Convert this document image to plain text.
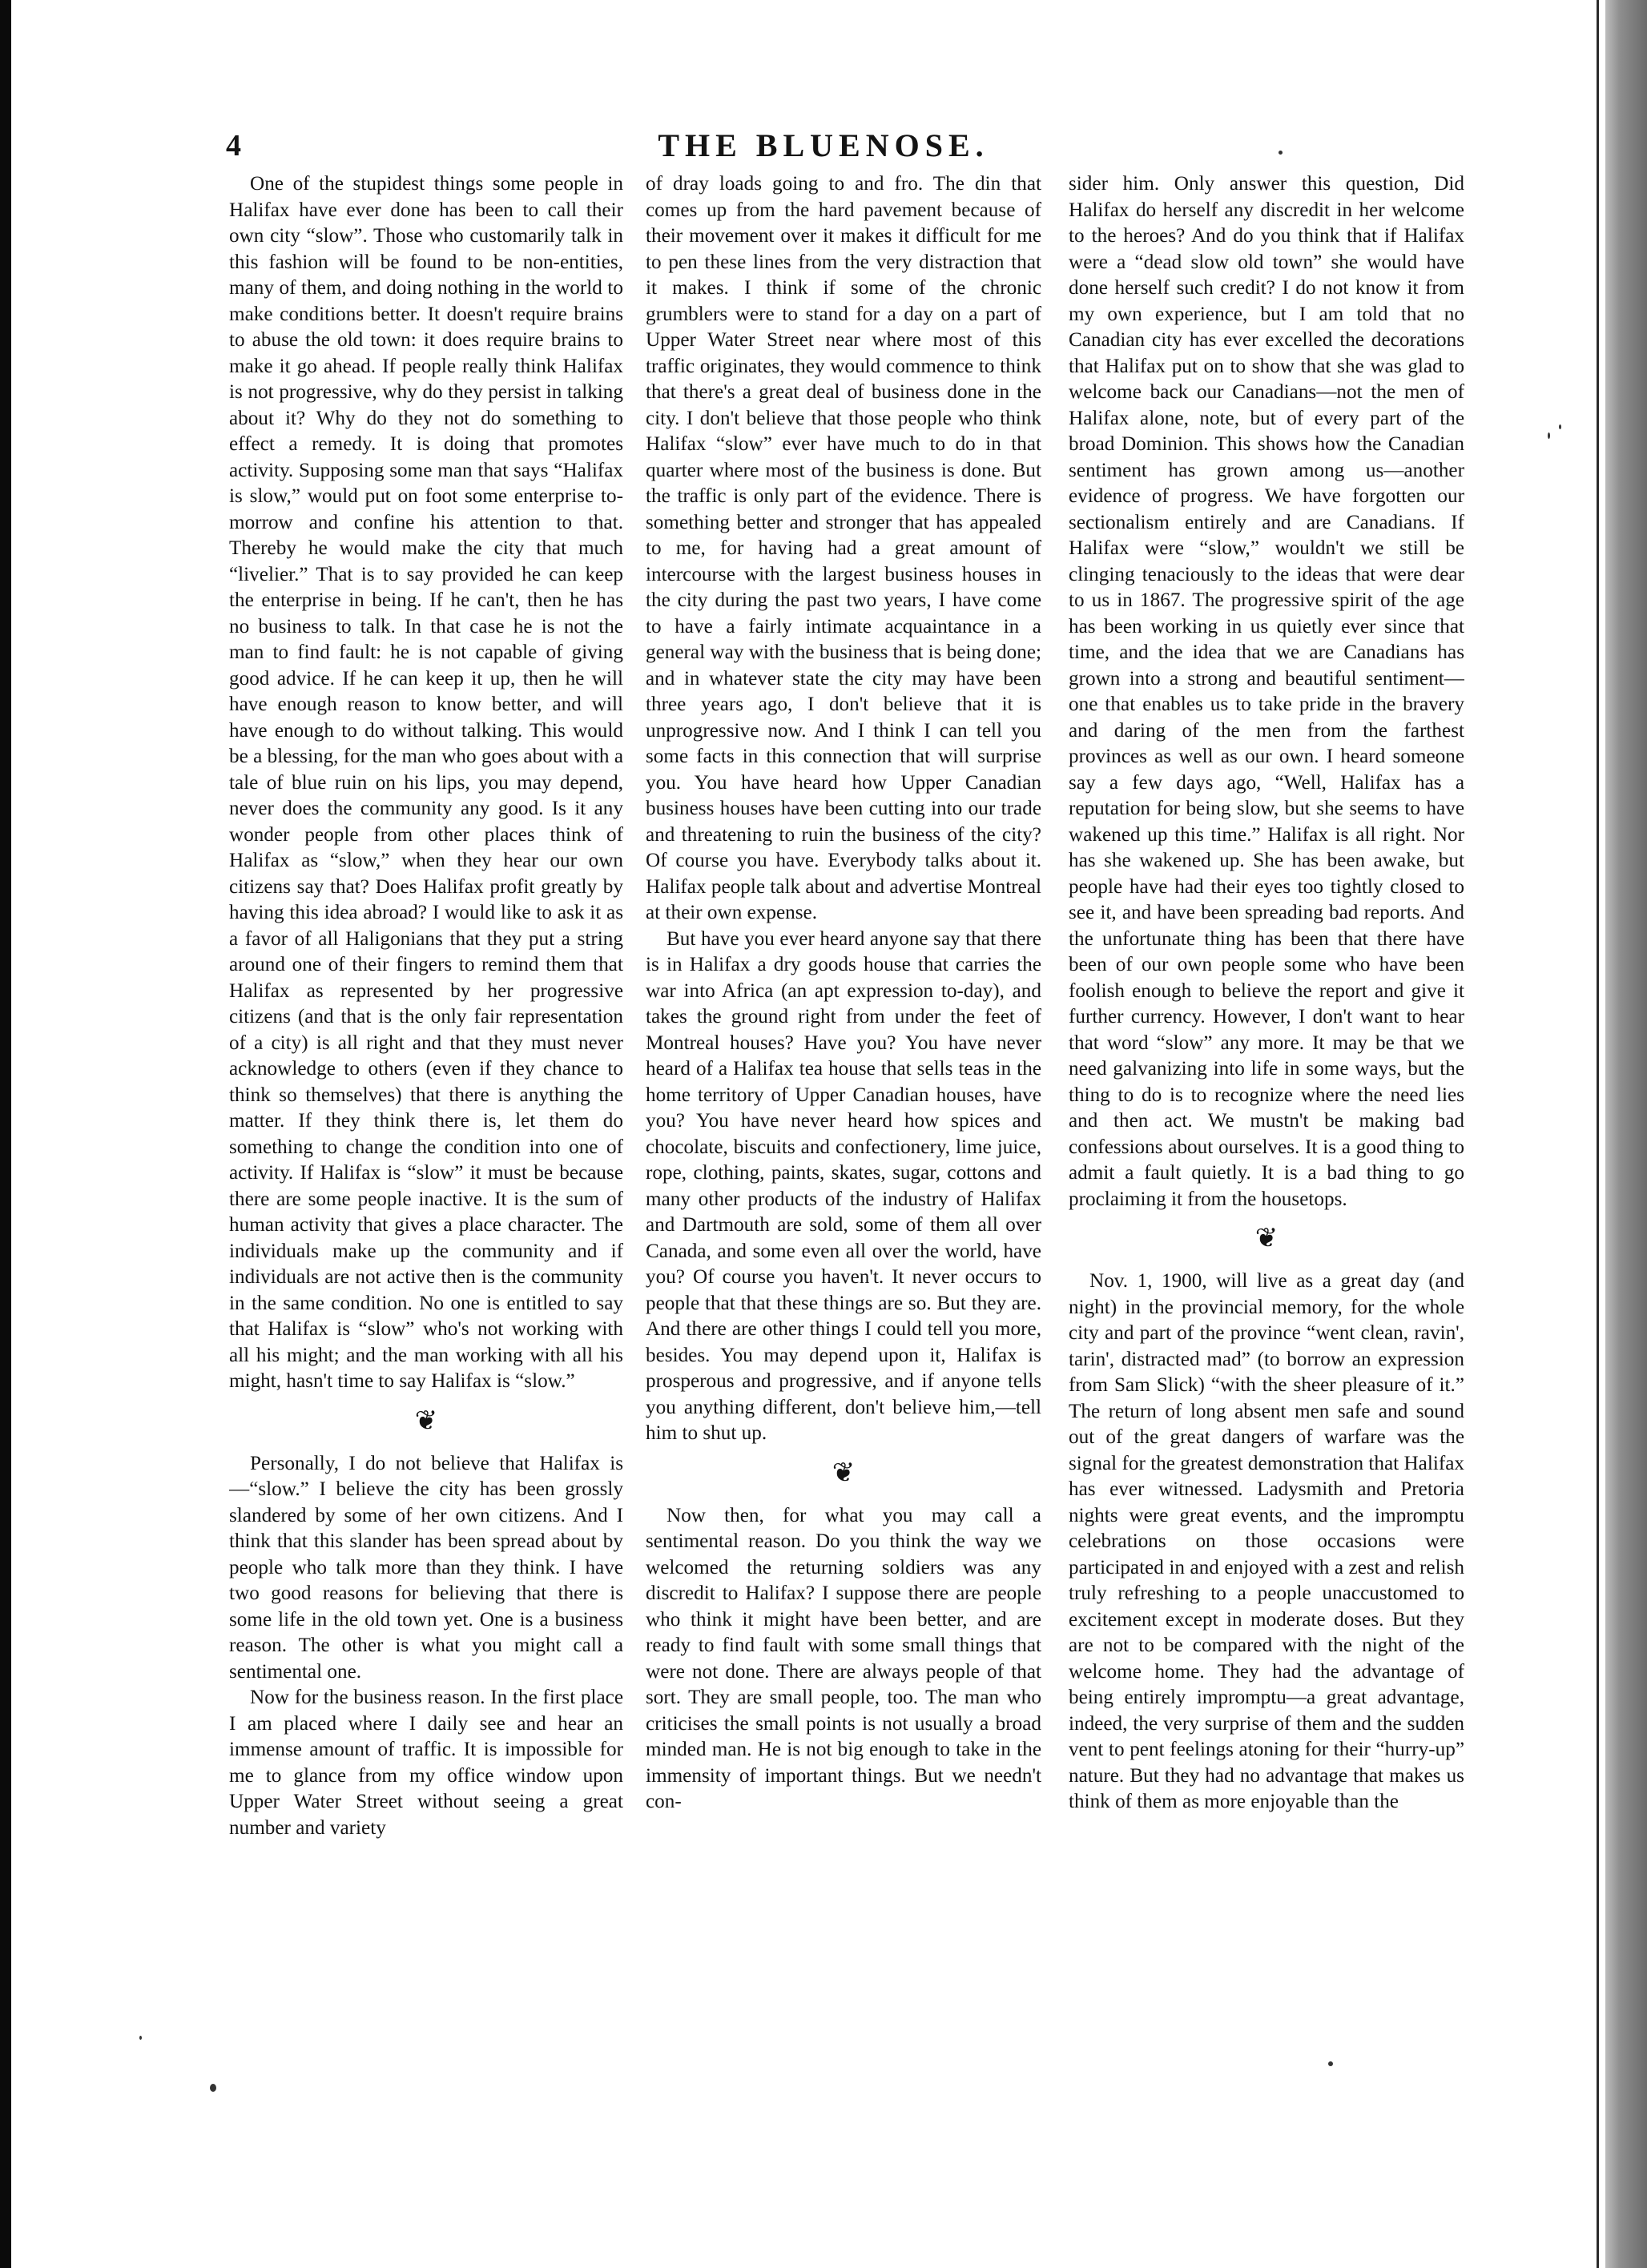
4	THE BLUENOSE.

One of the stupidest things some people in Halifax have ever done has been to call their own city “slow”. Those who customarily talk in this fashion will be found to be non-entities, many of them, and doing nothing in the world to make conditions better. It doesn't require brains to abuse the old town: it does require brains to make it go ahead. If people really think Halifax is not progressive, why do they persist in talking about it? Why do they not do something to effect a remedy. It is doing that promotes activity. Supposing some man that says “Halifax is slow,” would put on foot some enterprise to-morrow and confine his attention to that. Thereby he would make the city that much “livelier.” That is to say provided he can keep the enterprise in being. If he can't, then he has no business to talk. In that case he is not the man to find fault: he is not capable of giving good advice. If he can keep it up, then he will have enough reason to know better, and will have enough to do without talking. This would be a blessing, for the man who goes about with a tale of blue ruin on his lips, you may depend, never does the community any good. Is it any wonder people from other places think of Halifax as “slow,” when they hear our own citizens say that? Does Halifax profit greatly by having this idea abroad? I would like to ask it as a favor of all Haligonians that they put a string around one of their fingers to remind them that Halifax as represented by her progressive citizens (and that is the only fair representation of a city) is all right and that they must never acknowledge to others (even if they chance to think so themselves) that there is anything the matter. If they think there is, let them do something to change the condition into one of activity. If Halifax is “slow” it must be because there are some people inactive. It is the sum of human activity that gives a place character. The individuals make up the community and if individuals are not active then is the community in the same condition. No one is entitled to say that Halifax is “slow” who's not working with all his might; and the man working with all his might, hasn't time to say Halifax is “slow.”

❦

Personally, I do not believe that Halifax is—“slow.” I believe the city has been grossly slandered by some of her own citizens. And I think that this slander has been spread about by people who talk more than they think. I have two good reasons for believing that there is some life in the old town yet. One is a business reason. The other is what you might call a sentimental one.

Now for the business reason. In the first place I am placed where I daily see and hear an immense amount of traffic. It is impossible for me to glance from my office window upon Upper Water Street without seeing a great number and variety

of dray loads going to and fro. The din that comes up from the hard pavement because of their movement over it makes it difficult for me to pen these lines from the very distraction that it makes. I think if some of the chronic grumblers were to stand for a day on a part of Upper Water Street near where most of this traffic originates, they would commence to think that there's a great deal of business done in the city. I don't believe that those people who think Halifax “slow” ever have much to do in that quarter where most of the business is done. But the traffic is only part of the evidence. There is something better and stronger that has appealed to me, for having had a great amount of intercourse with the largest business houses in the city during the past two years, I have come to have a fairly intimate acquaintance in a general way with the business that is being done; and in whatever state the city may have been three years ago, I don't believe that it is unprogressive now. And I think I can tell you some facts in this connection that will surprise you. You have heard how Upper Canadian business houses have been cutting into our trade and threatening to ruin the business of the city? Of course you have. Everybody talks about it. Halifax people talk about and advertise Montreal at their own expense.

But have you ever heard anyone say that there is in Halifax a dry goods house that carries the war into Africa (an apt expression to-day), and takes the ground right from under the feet of Montreal houses? Have you? You have never heard of a Halifax tea house that sells teas in the home territory of Upper Canadian houses, have you? You have never heard how spices and chocolate, biscuits and confectionery, lime juice, rope, clothing, paints, skates, sugar, cottons and many other products of the industry of Halifax and Dartmouth are sold, some of them all over Canada, and some even all over the world, have you? Of course you haven't. It never occurs to people that that these things are so. But they are. And there are other things I could tell you more, besides. You may depend upon it, Halifax is prosperous and progressive, and if anyone tells you anything different, don't believe him,—tell him to shut up.

❦

Now then, for what you may call a sentimental reason. Do you think the way we welcomed the returning soldiers was any discredit to Halifax? I suppose there are people who think it might have been better, and are ready to find fault with some small things that were not done. There are always people of that sort. They are small people, too. The man who criticises the small points is not usually a broad minded man. He is not big enough to take in the immensity of important things. But we needn't con-

sider him. Only answer this question, Did Halifax do herself any discredit in her welcome to the heroes? And do you think that if Halifax were a “dead slow old town” she would have done herself such credit? I do not know it from my own experience, but I am told that no Canadian city has ever excelled the decorations that Halifax put on to show that she was glad to welcome back our Canadians—not the men of Halifax alone, note, but of every part of the broad Dominion. This shows how the Canadian sentiment has grown among us—another evidence of progress. We have forgotten our sectionalism entirely and are Canadians. If Halifax were “slow,” wouldn't we still be clinging tenaciously to the ideas that were dear to us in 1867. The progressive spirit of the age has been working in us quietly ever since that time, and the idea that we are Canadians has grown into a strong and beautiful sentiment—one that enables us to take pride in the bravery and daring of the men from the farthest provinces as well as our own. I heard someone say a few days ago, “Well, Halifax has a reputation for being slow, but she seems to have wakened up this time.” Halifax is all right. Nor has she wakened up. She has been awake, but people have had their eyes too tightly closed to see it, and have been spreading bad reports. And the unfortunate thing has been that there have been of our own people some who have been foolish enough to believe the report and give it further currency. However, I don't want to hear that word “slow” any more. It may be that we need galvanizing into life in some ways, but the thing to do is to recognize where the need lies and then act. We mustn't be making bad confessions about ourselves. It is a good thing to admit a fault quietly. It is a bad thing to go proclaiming it from the housetops.

❦

Nov. 1, 1900, will live as a great day (and night) in the provincial memory, for the whole city and part of the province “went clean, ravin', tarin', distracted mad” (to borrow an expression from Sam Slick) “with the sheer pleasure of it.” The return of long absent men safe and sound out of the great dangers of warfare was the signal for the greatest demonstration that Halifax has ever witnessed. Ladysmith and Pretoria nights were great events, and the impromptu celebrations on those occasions were participated in and enjoyed with a zest and relish truly refreshing to a people unaccustomed to excitement except in moderate doses. But they are not to be compared with the night of the welcome home. They had the advantage of being entirely impromptu—a great advantage, indeed, the very surprise of them and the sudden vent to pent feelings atoning for their “hurry-up” nature. But they had no advantage that makes us think of them as more enjoyable than the
